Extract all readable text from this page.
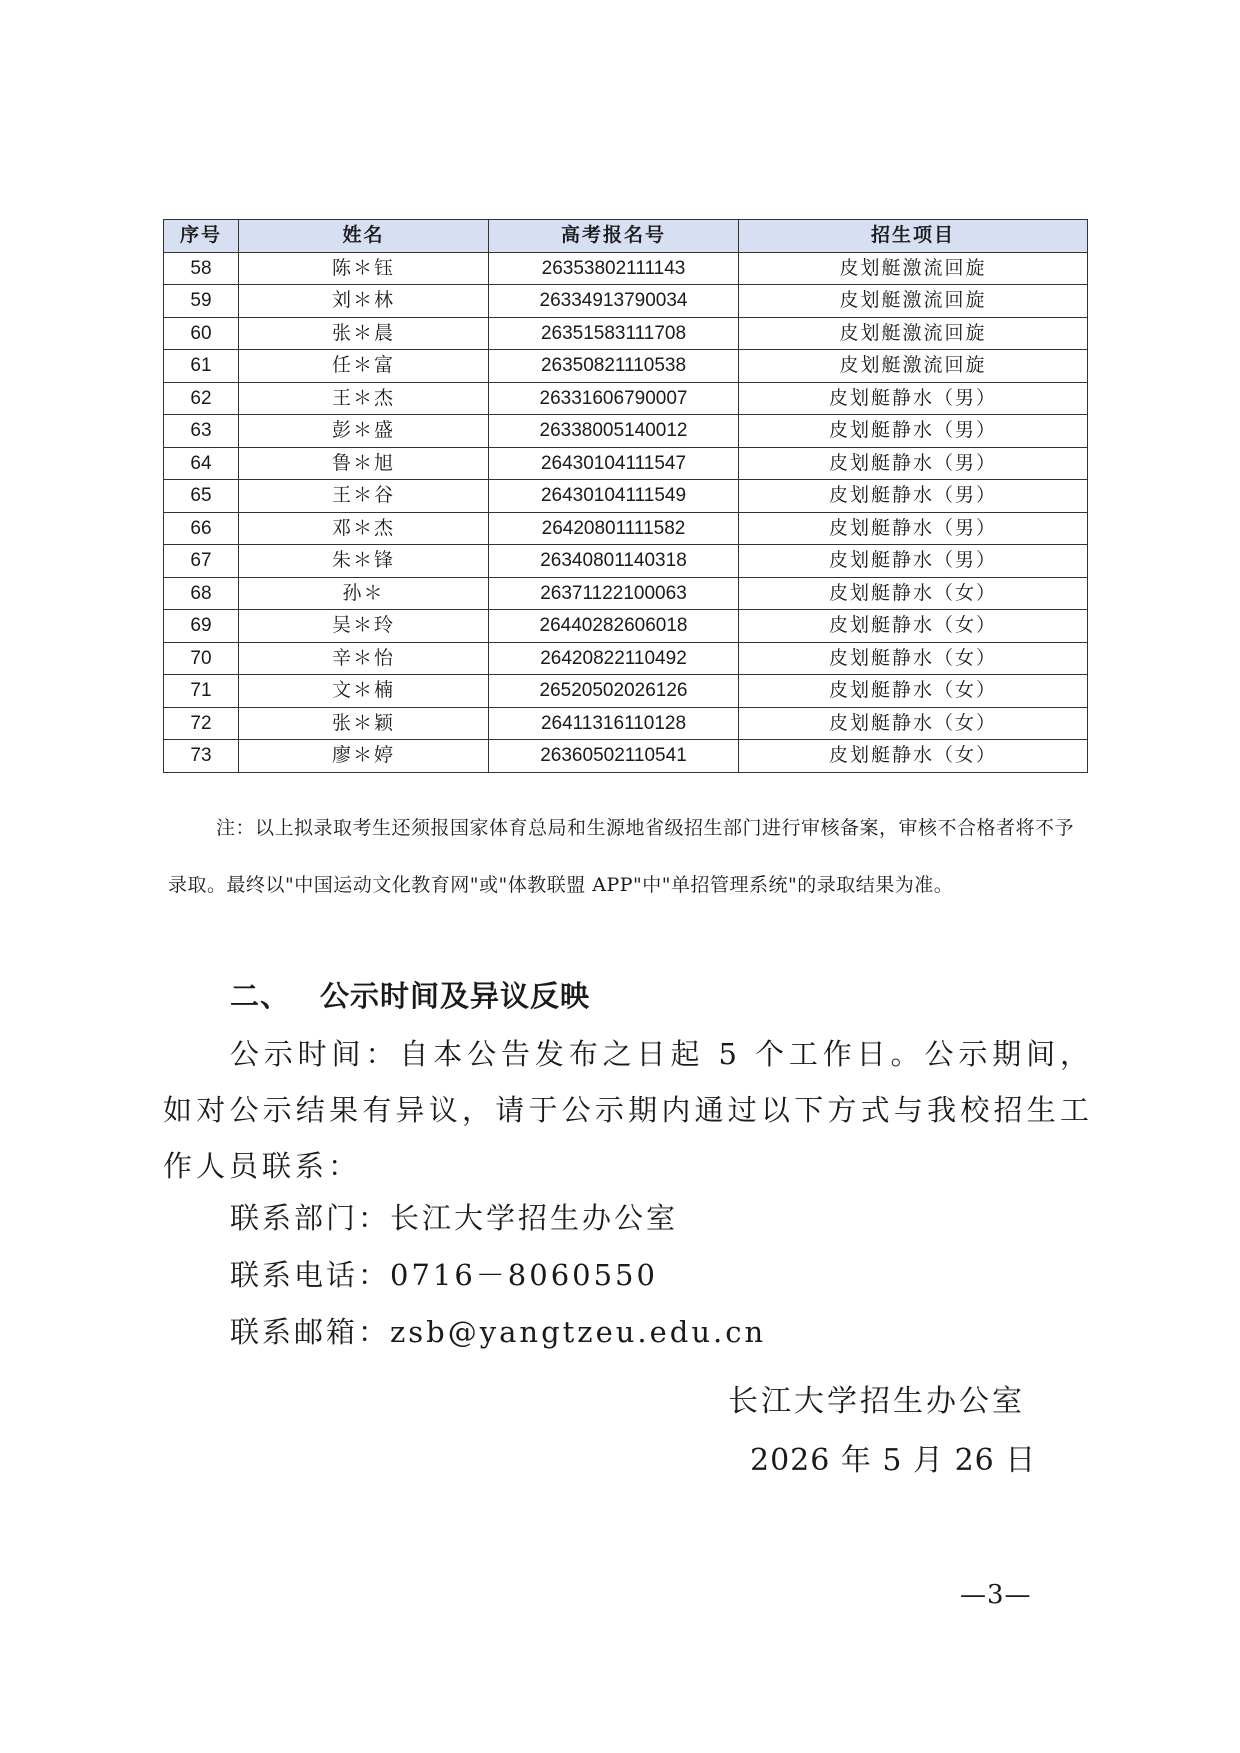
序号	姓名	高考报名号	招生项目
58	陈＊钰	26353802111143	皮划艇激流回旋
59	刘＊林	26334913790034	皮划艇激流回旋
60	张＊晨	26351583111708	皮划艇激流回旋
61	任＊富	26350821110538	皮划艇激流回旋
62	王＊杰	26331606790007	皮划艇静水（男）
63	彭＊盛	26338005140012	皮划艇静水（男）
64	鲁＊旭	26430104111547	皮划艇静水（男）
65	王＊谷	26430104111549	皮划艇静水（男）
66	邓＊杰	26420801111582	皮划艇静水（男）
67	朱＊锋	26340801140318	皮划艇静水（男）
68	孙＊	26371122100063	皮划艇静水（女）
69	吴＊玲	26440282606018	皮划艇静水（女）
70	辛＊怡	26420822110492	皮划艇静水（女）
71	文＊楠	26520502026126	皮划艇静水（女）
72	张＊颖	26411316110128	皮划艇静水（女）
73	廖＊婷	26360502110541	皮划艇静水（女）
注：以上拟录取考生还须报国家体育总局和生源地省级招生部门进行审核备案，审核不合格者将不予录取。最终以"中国运动文化教育网"或"体教联盟 APP"中"单招管理系统"的录取结果为准。
二、 公示时间及异议反映
公示时间：自本公告发布之日起 5 个工作日。公示期间，如对公示结果有异议，请于公示期内通过以下方式与我校招生工作人员联系：
联系部门：长江大学招生办公室
联系电话：0716－8060550
联系邮箱：zsb@yangtzeu.edu.cn
长江大学招生办公室
2026 年 5 月 26 日
—3—
